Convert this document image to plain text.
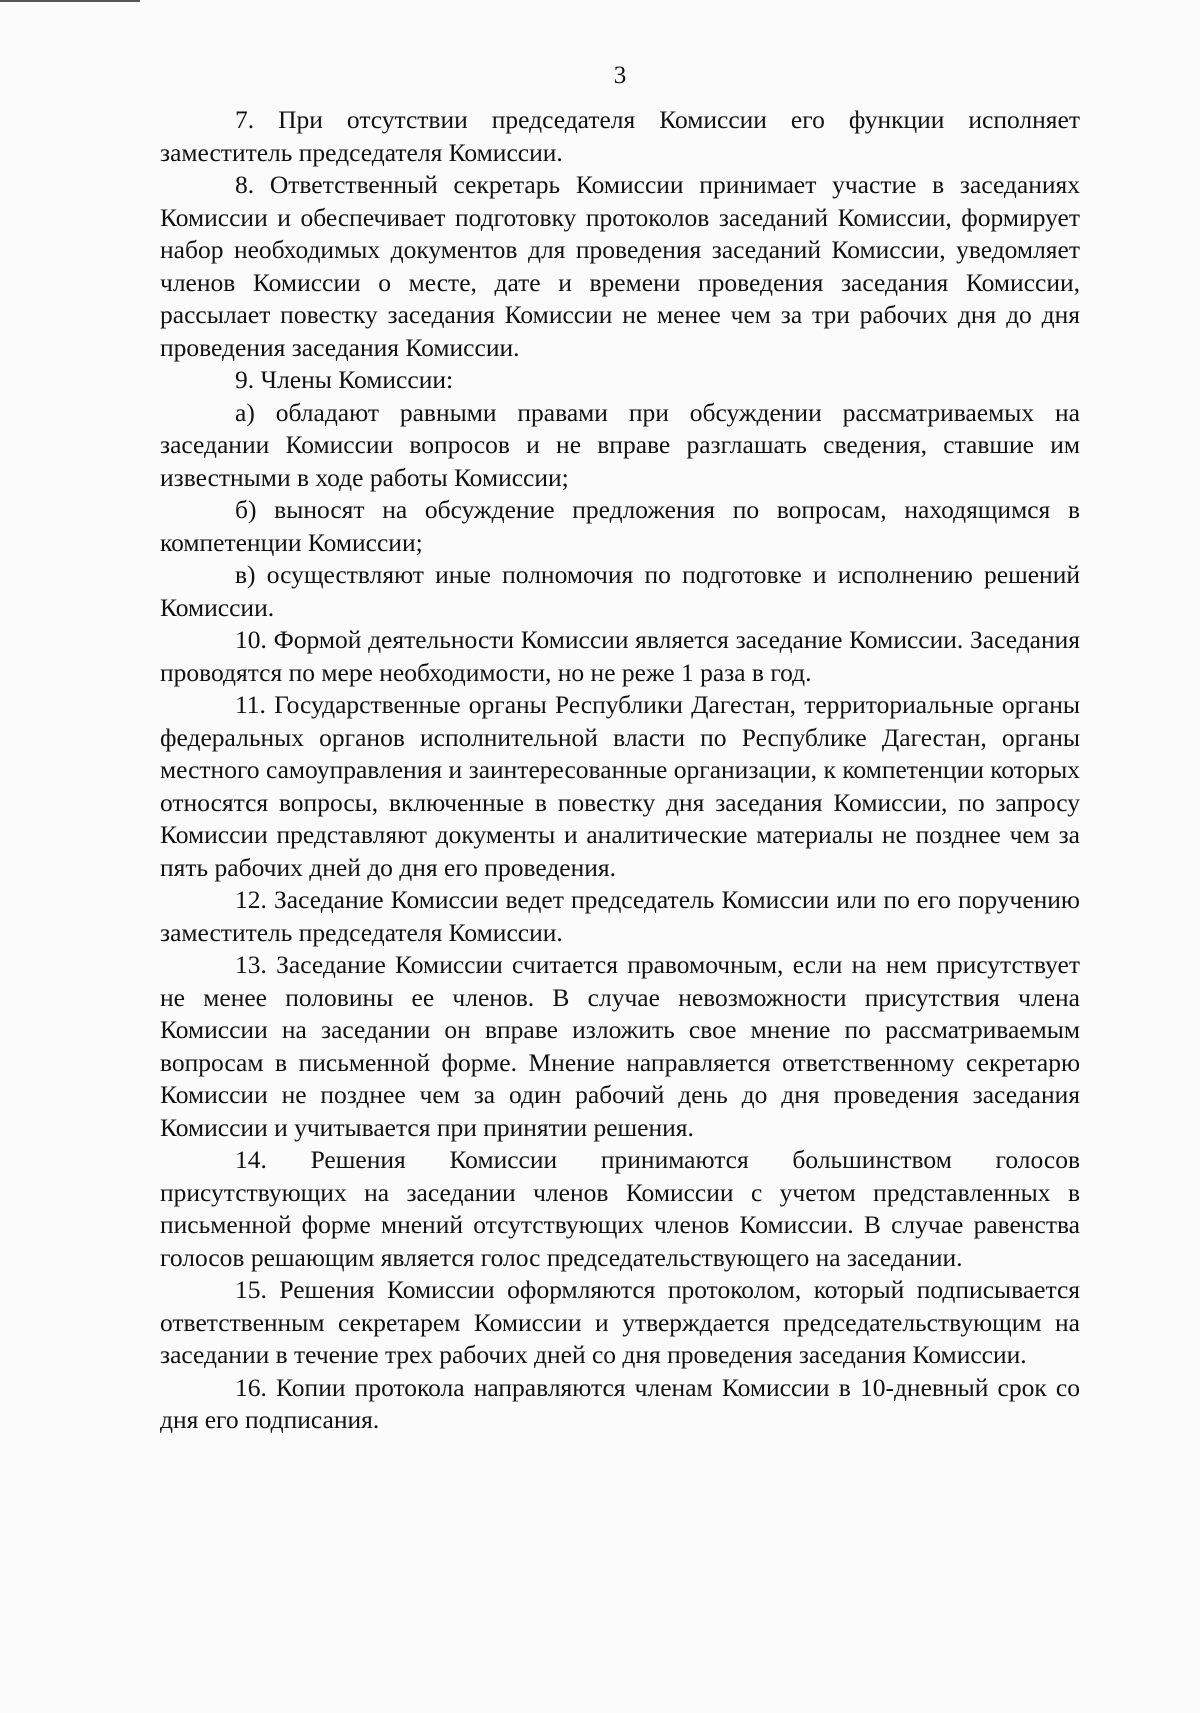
3

7. При отсутствии председателя Комиссии его функции исполняет заместитель председателя Комиссии.

8. Ответственный секретарь Комиссии принимает участие в заседаниях Комиссии и обеспечивает подготовку протоколов заседаний Комиссии, формирует набор необходимых документов для проведения заседаний Комиссии, уведомляет членов Комиссии о месте, дате и времени проведения заседания Комиссии, рассылает повестку заседания Комиссии не менее чем за три рабочих дня до дня проведения заседания Комиссии.

9. Члены Комиссии:

а) обладают равными правами при обсуждении рассматриваемых на заседании Комиссии вопросов и не вправе разглашать сведения, ставшие им известными в ходе работы Комиссии;

б) выносят на обсуждение предложения по вопросам, находящимся в компетенции Комиссии;

в) осуществляют иные полномочия по подготовке и исполнению решений Комиссии.

10. Формой деятельности Комиссии является заседание Комиссии. Заседания проводятся по мере необходимости, но не реже 1 раза в год.

11. Государственные органы Республики Дагестан, территориальные органы федеральных органов исполнительной власти по Республике Дагестан, органы местного самоуправления и заинтересованные организации, к компетенции которых относятся вопросы, включенные в повестку дня заседания Комиссии, по запросу Комиссии представляют документы и аналитические материалы не позднее чем за пять рабочих дней до дня его проведения.

12. Заседание Комиссии ведет председатель Комиссии или по его поручению заместитель председателя Комиссии.

13. Заседание Комиссии считается правомочным, если на нем присутствует не менее половины ее членов. В случае невозможности присутствия члена Комиссии на заседании он вправе изложить свое мнение по рассматриваемым вопросам в письменной форме. Мнение направляется ответственному секретарю Комиссии не позднее чем за один рабочий день до дня проведения заседания Комиссии и учитывается при принятии решения.

14. Решения Комиссии принимаются большинством голосов присутствующих на заседании членов Комиссии с учетом представленных в письменной форме мнений отсутствующих членов Комиссии. В случае равенства голосов решающим является голос председательствующего на заседании.

15. Решения Комиссии оформляются протоколом, который подписывается ответственным секретарем Комиссии и утверждается председательствующим на заседании в течение трех рабочих дней со дня проведения заседания Комиссии.

16. Копии протокола направляются членам Комиссии в 10-дневный срок со дня его подписания.
